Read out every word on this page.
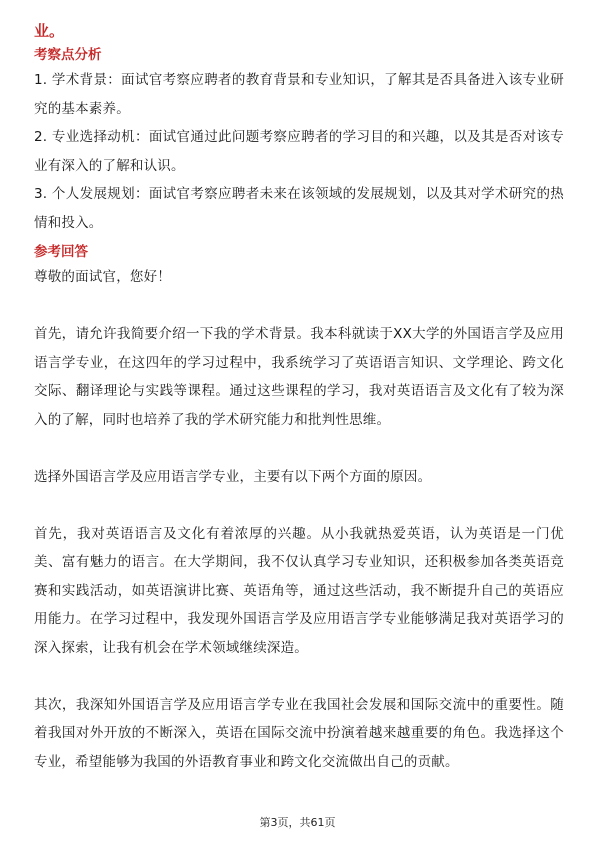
业。
考察点分析
1. 学术背景：面试官考察应聘者的教育背景和专业知识，了解其是否具备进入该专业研究的基本素养。
2. 专业选择动机：面试官通过此问题考察应聘者的学习目的和兴趣，以及其是否对该专业有深入的了解和认识。
3. 个人发展规划：面试官考察应聘者未来在该领域的发展规划，以及其对学术研究的热情和投入。
参考回答
尊敬的面试官，您好！
首先，请允许我简要介绍一下我的学术背景。我本科就读于XX大学的外国语言学及应用语言学专业，在这四年的学习过程中，我系统学习了英语语言知识、文学理论、跨文化交际、翻译理论与实践等课程。通过这些课程的学习，我对英语语言及文化有了较为深入的了解，同时也培养了我的学术研究能力和批判性思维。
选择外国语言学及应用语言学专业，主要有以下两个方面的原因。
首先，我对英语语言及文化有着浓厚的兴趣。从小我就热爱英语，认为英语是一门优美、富有魅力的语言。在大学期间，我不仅认真学习专业知识，还积极参加各类英语竞赛和实践活动，如英语演讲比赛、英语角等，通过这些活动，我不断提升自己的英语应用能力。在学习过程中，我发现外国语言学及应用语言学专业能够满足我对英语学习的深入探索，让我有机会在学术领域继续深造。
其次，我深知外国语言学及应用语言学专业在我国社会发展和国际交流中的重要性。随着我国对外开放的不断深入，英语在国际交流中扮演着越来越重要的角色。我选择这个专业，希望能够为我国的外语教育事业和跨文化交流做出自己的贡献。
第3页，共61页
